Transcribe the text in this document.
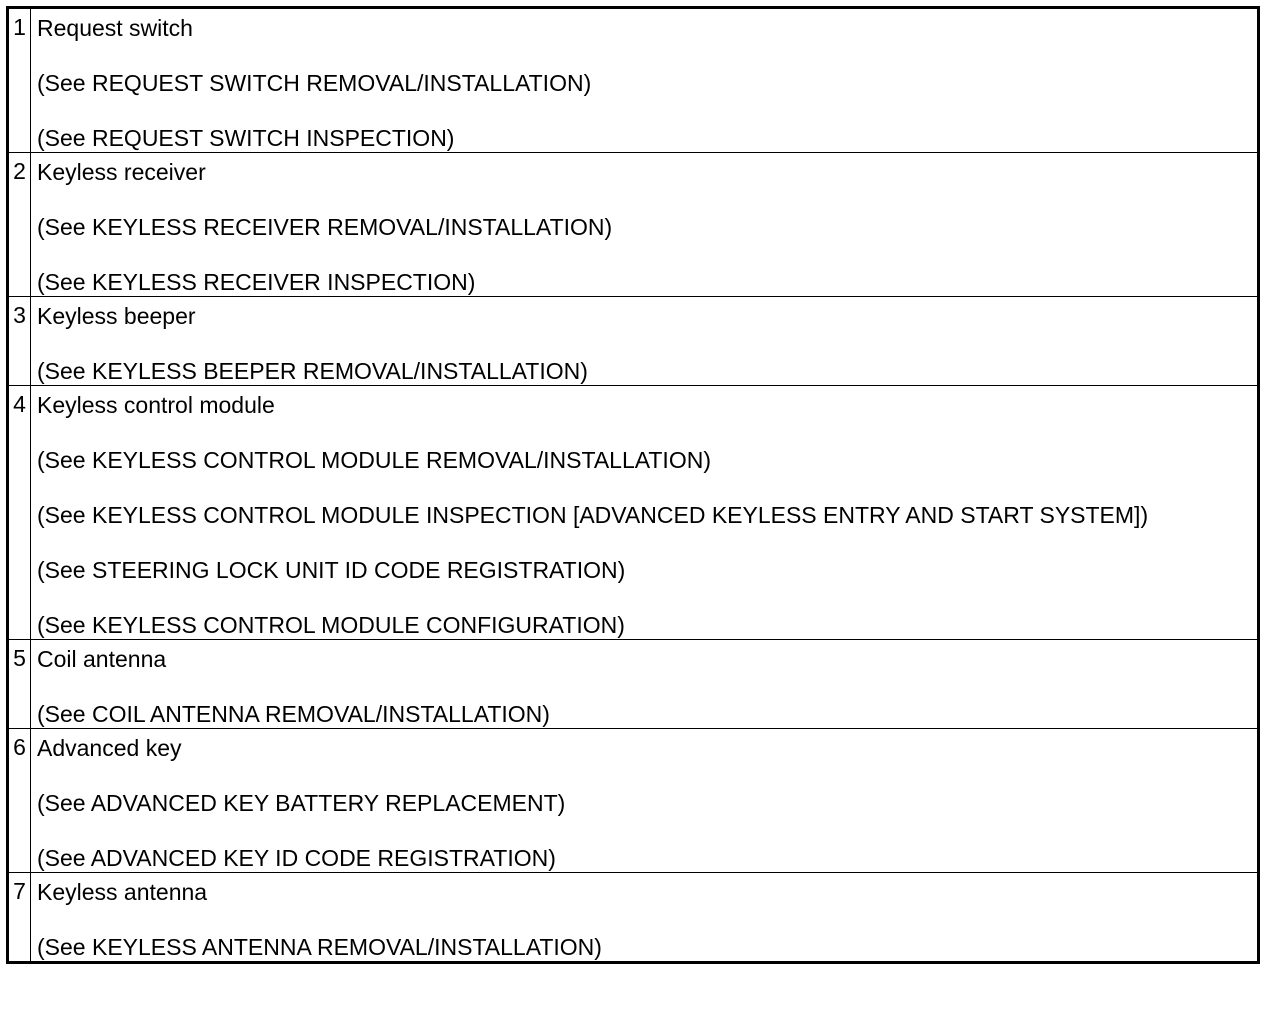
1 Request switch
(See REQUEST SWITCH REMOVAL/INSTALLATION)
(See REQUEST SWITCH INSPECTION)
2 Keyless receiver
(See KEYLESS RECEIVER REMOVAL/INSTALLATION)
(See KEYLESS RECEIVER INSPECTION)
3 Keyless beeper
(See KEYLESS BEEPER REMOVAL/INSTALLATION)
4 Keyless control module
(See KEYLESS CONTROL MODULE REMOVAL/INSTALLATION)
(See KEYLESS CONTROL MODULE INSPECTION [ADVANCED KEYLESS ENTRY AND START SYSTEM])
(See STEERING LOCK UNIT ID CODE REGISTRATION)
(See KEYLESS CONTROL MODULE CONFIGURATION)
5 Coil antenna
(See COIL ANTENNA REMOVAL/INSTALLATION)
6 Advanced key
(See ADVANCED KEY BATTERY REPLACEMENT)
(See ADVANCED KEY ID CODE REGISTRATION)
7 Keyless antenna
(See KEYLESS ANTENNA REMOVAL/INSTALLATION)
